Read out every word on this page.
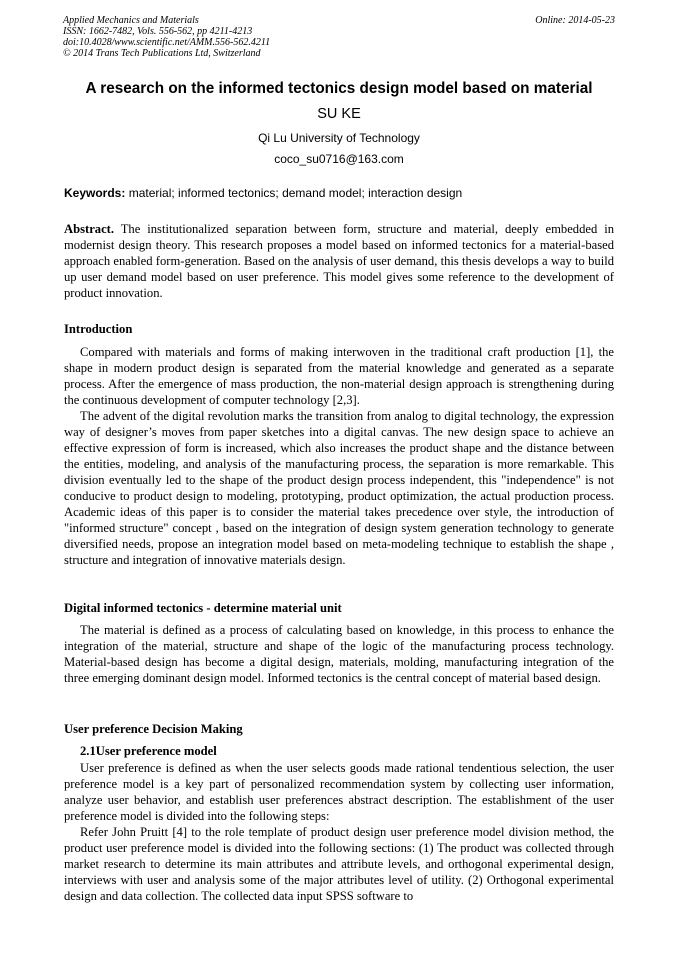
Applied Mechanics and Materials
ISSN: 1662-7482, Vols. 556-562, pp 4211-4213
doi:10.4028/www.scientific.net/AMM.556-562.4211
© 2014 Trans Tech Publications Ltd, Switzerland
Online: 2014-05-23
A research on the informed tectonics design model based on material
SU KE
Qi Lu University of Technology
coco_su0716@163.com
Keywords: material; informed tectonics; demand model; interaction design

Abstract. The institutionalized separation between form, structure and material, deeply embedded in modernist design theory. This research proposes a model based on informed tectonics for a material-based approach enabled form-generation. Based on the analysis of user demand, this thesis develops a way to build up user demand model based on user preference. This model gives some reference to the development of product innovation.

Introduction

Compared with materials and forms of making interwoven in the traditional craft production [1], the shape in modern product design is separated from the material knowledge and generated as a separate process. After the emergence of mass production, the non-material design approach is strengthening during the continuous development of computer technology [2,3].

The advent of the digital revolution marks the transition from analog to digital technology, the expression way of designer’s moves from paper sketches into a digital canvas. The new design space to achieve an effective expression of form is increased, which also increases the product shape and the distance between the entities, modeling, and analysis of the manufacturing process, the separation is more remarkable. This division eventually led to the shape of the product design process independent, this "independence" is not conducive to product design to modeling, prototyping, product optimization, the actual production process. Academic ideas of this paper is to consider the material takes precedence over style, the introduction of "informed structure" concept , based on the integration of design system generation technology to generate diversified needs, propose an integration model based on meta-modeling technique to establish the shape , structure and integration of innovative materials design.

Digital informed tectonics - determine material unit

The material is defined as a process of calculating based on knowledge, in this process to enhance the integration of the material, structure and shape of the logic of the manufacturing process technology. Material-based design has become a digital design, materials, molding, manufacturing integration of the three emerging dominant design model. Informed tectonics is the central concept of material based design.

User preference Decision Making
2.1User preference model

User preference is defined as when the user selects goods made rational tendentious selection, the user preference model is a key part of personalized recommendation system by collecting user information, analyze user behavior, and establish user preferences abstract description. The establishment of the user preference model is divided into the following steps:

Refer John Pruitt [4] to the role template of product design user preference model division method, the product user preference model is divided into the following sections: (1) The product was collected through market research to determine its main attributes and attribute levels, and orthogonal experimental design, interviews with user and analysis some of the major attributes level of utility. (2) Orthogonal experimental design and data collection. The collected data input SPSS software to
